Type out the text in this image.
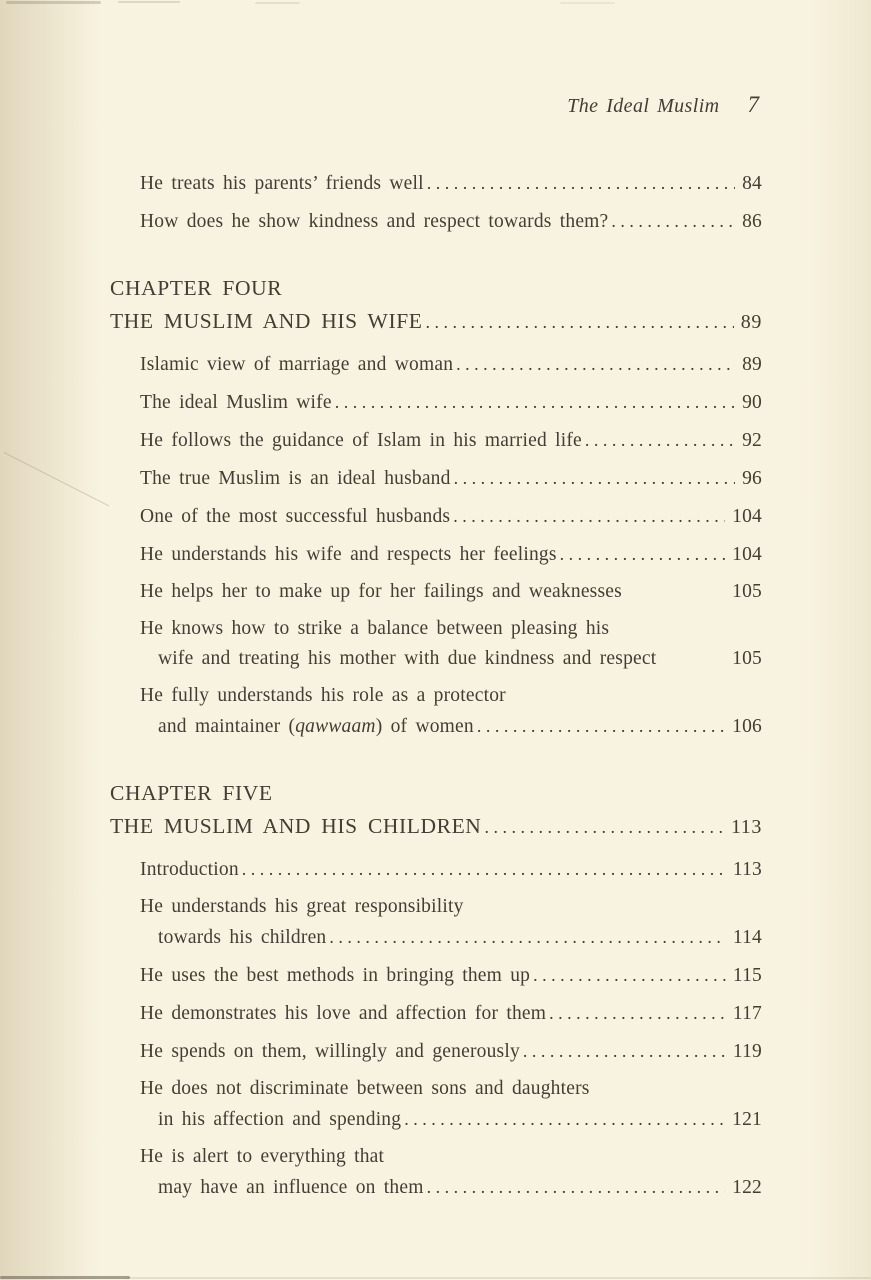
The Ideal Muslim 7
He treats his parents’ friends well .....	84
How does he show kindness and respect towards them? .....	86
CHAPTER FOUR
THE MUSLIM AND HIS WIFE .....	89
Islamic view of marriage and woman .....	89
The ideal Muslim wife .....	90
He follows the guidance of Islam in his married life .....	92
The true Muslim is an ideal husband .....	96
One of the most successful husbands .....	104
He understands his wife and respects her feelings .....	104
He helps her to make up for her failings and weaknesses	105
He knows how to strike a balance between pleasing his
wife and treating his mother with due kindness and respect	105
He fully understands his role as a protector
and maintainer (qawwaam) of women .....	106
CHAPTER FIVE
THE MUSLIM AND HIS CHILDREN .....	113
Introduction .....	113
He understands his great responsibility
towards his children .....	114
He uses the best methods in bringing them up .....	115
He demonstrates his love and affection for them .....	117
He spends on them, willingly and generously .....	119
He does not discriminate between sons and daughters
in his affection and spending .....	121
He is alert to everything that
may have an influence on them .....	122
